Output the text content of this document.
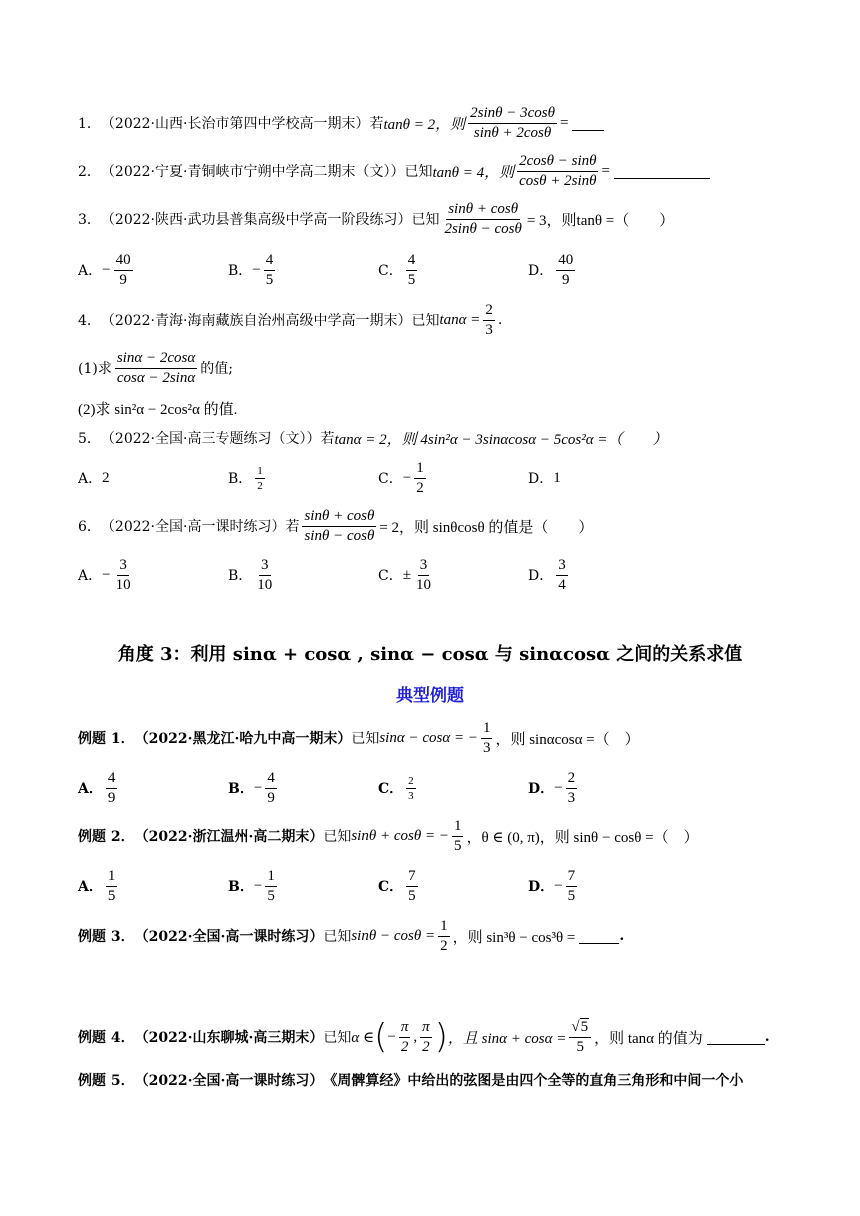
1． （2022·山西·长治市第四中学校高一期末） 若 tanθ = 2，则 $\frac{2\sin\theta - 3\cos\theta}{\sin\theta + 2\cos\theta}$ =
2． （2022·宁夏·青铜峡市宁朔中学高二期末（文）） 已知 tanθ = 4，则 $\frac{2\cos\theta - \sin\theta}{\cos\theta + 2\sin\theta}$ =
3． （2022·陕西·武功县普集高级中学高一阶段练习） 已知 $\frac{\sin\theta + \cos\theta}{2\sin\theta - \cos\theta} = 3$，则 tanθ =（　　）
A． − $\frac{40}{9}$	B． − $\frac{4}{5}$	C． $\frac{4}{5}$	D． $\frac{40}{9}$
4． （2022·青海·海南藏族自治州高级中学高一期末） 已知 $\tan\alpha = \frac{2}{3}$ .
(1)求 $\frac{\sin\alpha - 2\cos\alpha}{\cos\alpha - 2\sin\alpha}$ 的值;
(2)求 sin²α − 2cos²α 的值.
5． （2022·全国·高三专题练习（文）） 若 tanα = 2，则 4sin²α − 3sinαcosα − 5cos²α =（　　）
A． 2	B． $\frac{1}{2}$	C． − $\frac{1}{2}$	D． 1
6． （2022·全国·高一课时练习） 若 $\frac{\sin\theta + \cos\theta}{\sin\theta - \cos\theta} = 2$，则 sinθcosθ 的值是（　　）
A． − $\frac{3}{10}$	B． $\frac{3}{10}$	C． ± $\frac{3}{10}$	D． $\frac{3}{4}$
角度 3：利用 sinα + cosα , sinα − cosα 与 sinαcosα 之间的关系求值
典型例题
例题 1． （2022·黑龙江·哈九中高一期末） 已知 sinα − cosα = − $\frac{1}{3}$ ，则 sinαcosα =（　）
A． $\frac{4}{9}$	B． − $\frac{4}{9}$	C． $\frac{2}{3}$	D． − $\frac{2}{3}$
例题 2． （2022·浙江温州·高二期末） 已知 sinθ + cosθ = − $\frac{1}{5}$ ，θ ∈ (0, π)，则 sinθ − cosθ =（　）
A． $\frac{1}{5}$	B． − $\frac{1}{5}$	C． $\frac{7}{5}$	D． − $\frac{7}{5}$
例题 3． （2022·全国·高一课时练习） 已知 $\sin\theta - \cos\theta = \frac{1}{2}$ ，则 sin³θ − cos³θ =	.
例题 4． （2022·山东聊城·高三期末） 已知 α ∈ ( − $\frac{\pi}{2}$ , $\frac{\pi}{2}$ ) ，且 $\sin\alpha + \cos\alpha = \frac{√5}{5}$ ，则 tanα 的值为	.
例题 5． （2022·全国·高一课时练习） 《周髀算经》中给出的弦图是由四个全等的直角三角形和中间一个小
